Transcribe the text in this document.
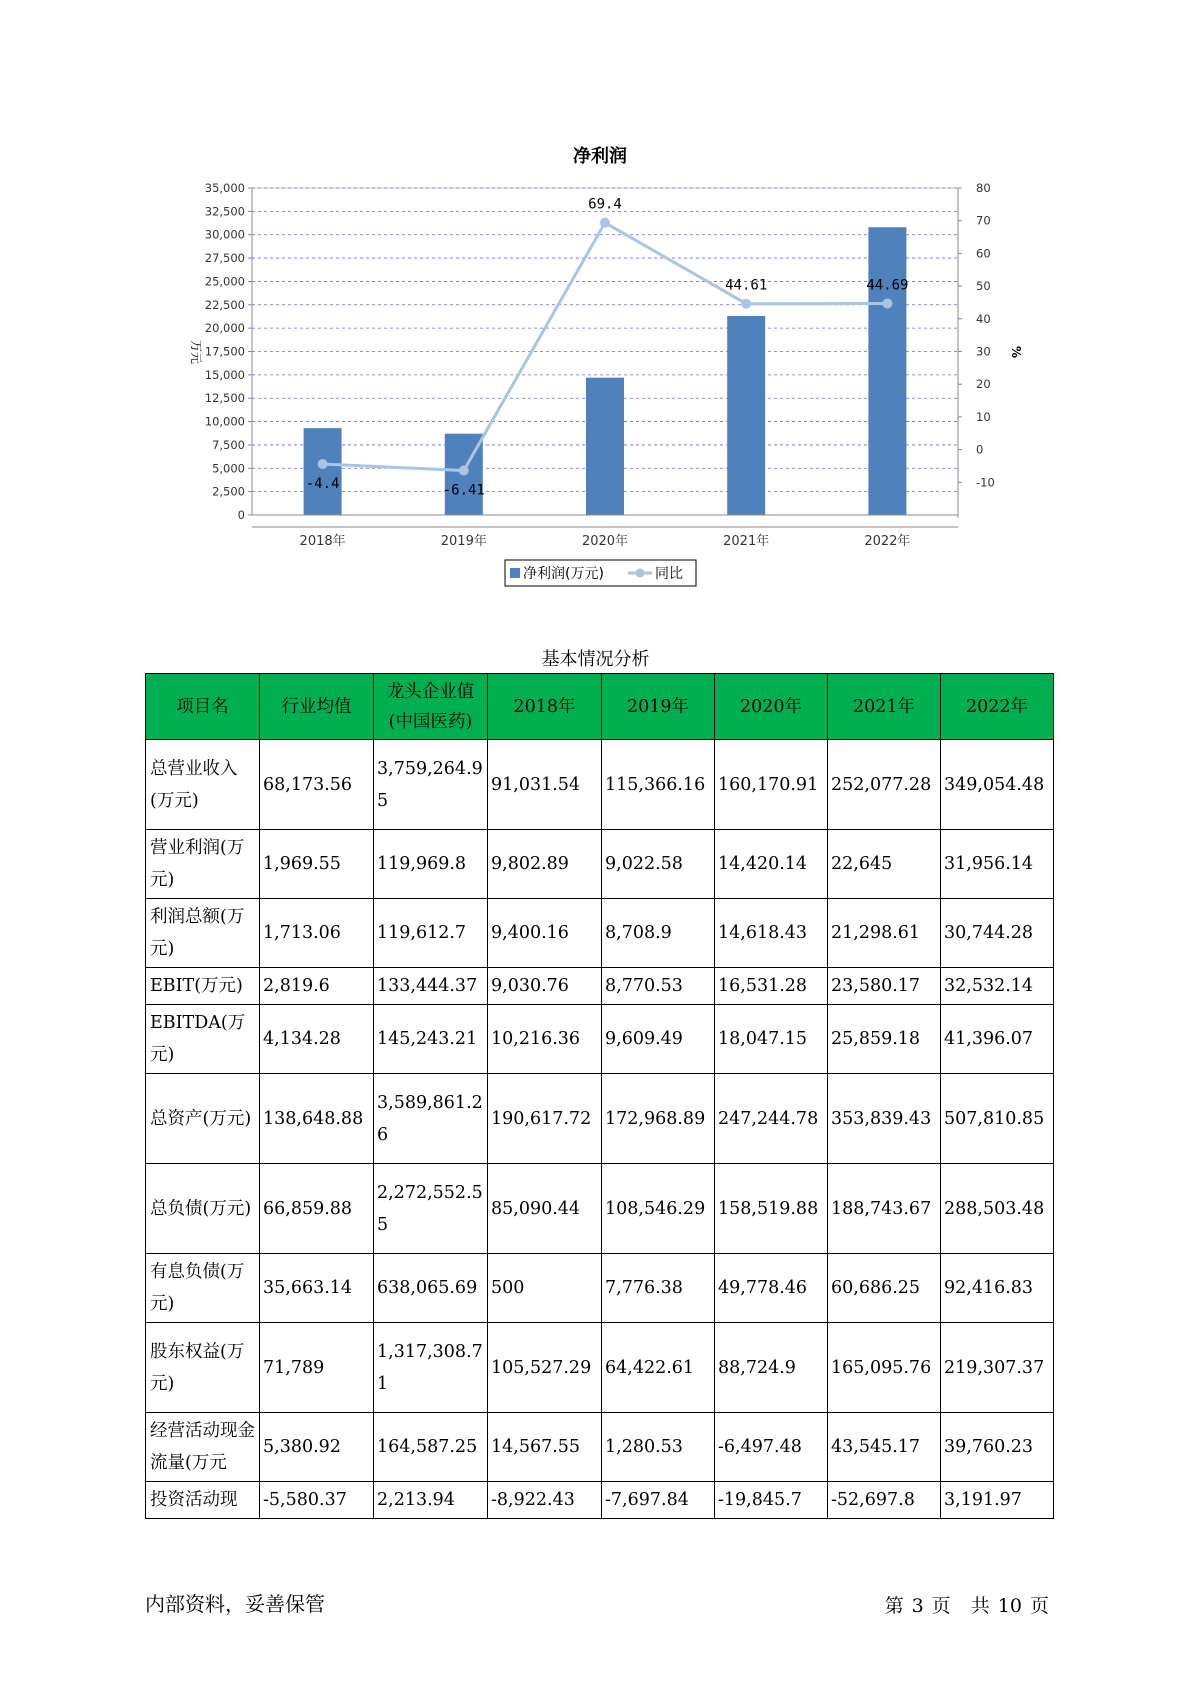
净利润
0
2,500
5,000
7,500
10,000
12,500
15,000
17,500
20,000
22,500
25,000
27,500
30,000
32,500
35,000
-10
0
10
20
30
40
50
60
70
80
2018年	2019年	2020年	2021年	2022年
-4.4	-6.41
69.4
44.61	44.69
万元	%
净利润(万元)	同比
基本情况分析
项目名	行业均值	龙头企业值(中国医药)	2018年	2019年	2020年	2021年	2022年
总营业收入(万元)	68,173.56	3,759,264.95	91,031.54	115,366.16	160,170.91	252,077.28	349,054.48
营业利润(万元)	1,969.55	119,969.8	9,802.89	9,022.58	14,420.14	22,645	31,956.14
利润总额(万元)	1,713.06	119,612.7	9,400.16	8,708.9	14,618.43	21,298.61	30,744.28
EBIT(万元)	2,819.6	133,444.37	9,030.76	8,770.53	16,531.28	23,580.17	32,532.14
EBITDA(万元)	4,134.28	145,243.21	10,216.36	9,609.49	18,047.15	25,859.18	41,396.07
总资产(万元)	138,648.88	3,589,861.26	190,617.72	172,968.89	247,244.78	353,839.43	507,810.85
总负债(万元)	66,859.88	2,272,552.55	85,090.44	108,546.29	158,519.88	188,743.67	288,503.48
有息负债(万元)	35,663.14	638,065.69	500	7,776.38	49,778.46	60,686.25	92,416.83
股东权益(万元)	71,789	1,317,308.71	105,527.29	64,422.61	88,724.9	165,095.76	219,307.37
经营活动现金流量(万元	5,380.92	164,587.25	14,567.55	1,280.53	-6,497.48	43,545.17	39,760.23
投资活动现	-5,580.37	2,213.94	-8,922.43	-7,697.84	-19,845.7	-52,697.8	3,191.97
内部资料，妥善保管	第 3 页 共 10 页
